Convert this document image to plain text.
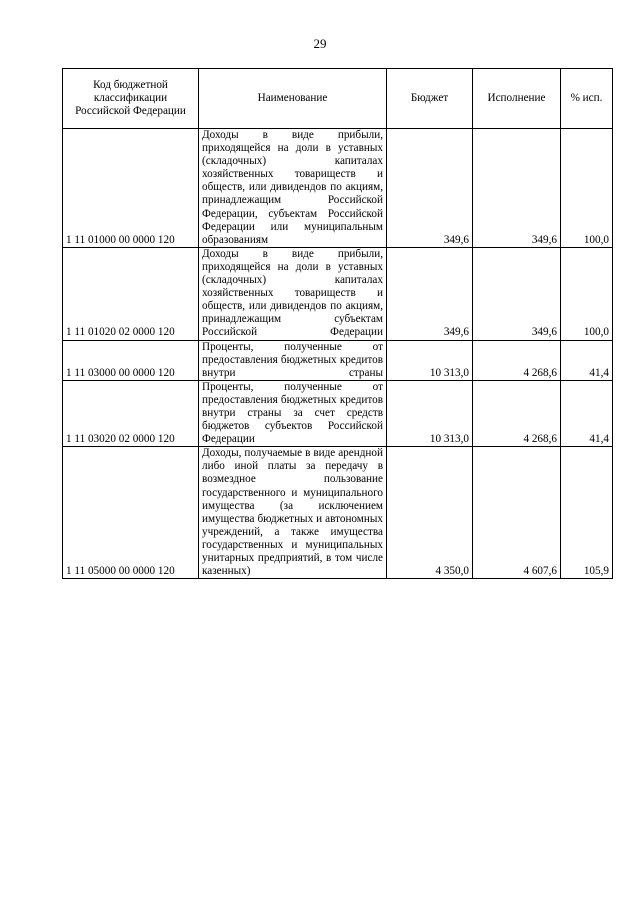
29
Код бюджетной классификации Российской Федерации	Наименование	Бюджет	Исполнение	% исп.
1 11 01000 00 0000 120	Доходы в виде прибыли, приходящейся на доли в уставных (складочных) капиталах хозяйственных товариществ и обществ, или дивидендов по акциям, принадлежащим Российской Федерации, субъектам Российской Федерации или муниципальным образованиям	349,6	349,6	100,0
1 11 01020 02 0000 120	Доходы в виде прибыли, приходящейся на доли в уставных (складочных) капиталах хозяйственных товариществ и обществ, или дивидендов по акциям, принадлежащим субъектам Российской Федерации	349,6	349,6	100,0
1 11 03000 00 0000 120	Проценты, полученные от предоставления бюджетных кредитов внутри страны	10 313,0	4 268,6	41,4
1 11 03020 02 0000 120	Проценты, полученные от предоставления бюджетных кредитов внутри страны за счет средств бюджетов субъектов Российской Федерации	10 313,0	4 268,6	41,4
1 11 05000 00 0000 120	Доходы, получаемые в виде арендной либо иной платы за передачу в возмездное пользование государственного и муниципального имущества (за исключением имущества бюджетных и автономных учреждений, а также имущества государственных и муниципальных унитарных предприятий, в том числе казенных)	4 350,0	4 607,6	105,9
